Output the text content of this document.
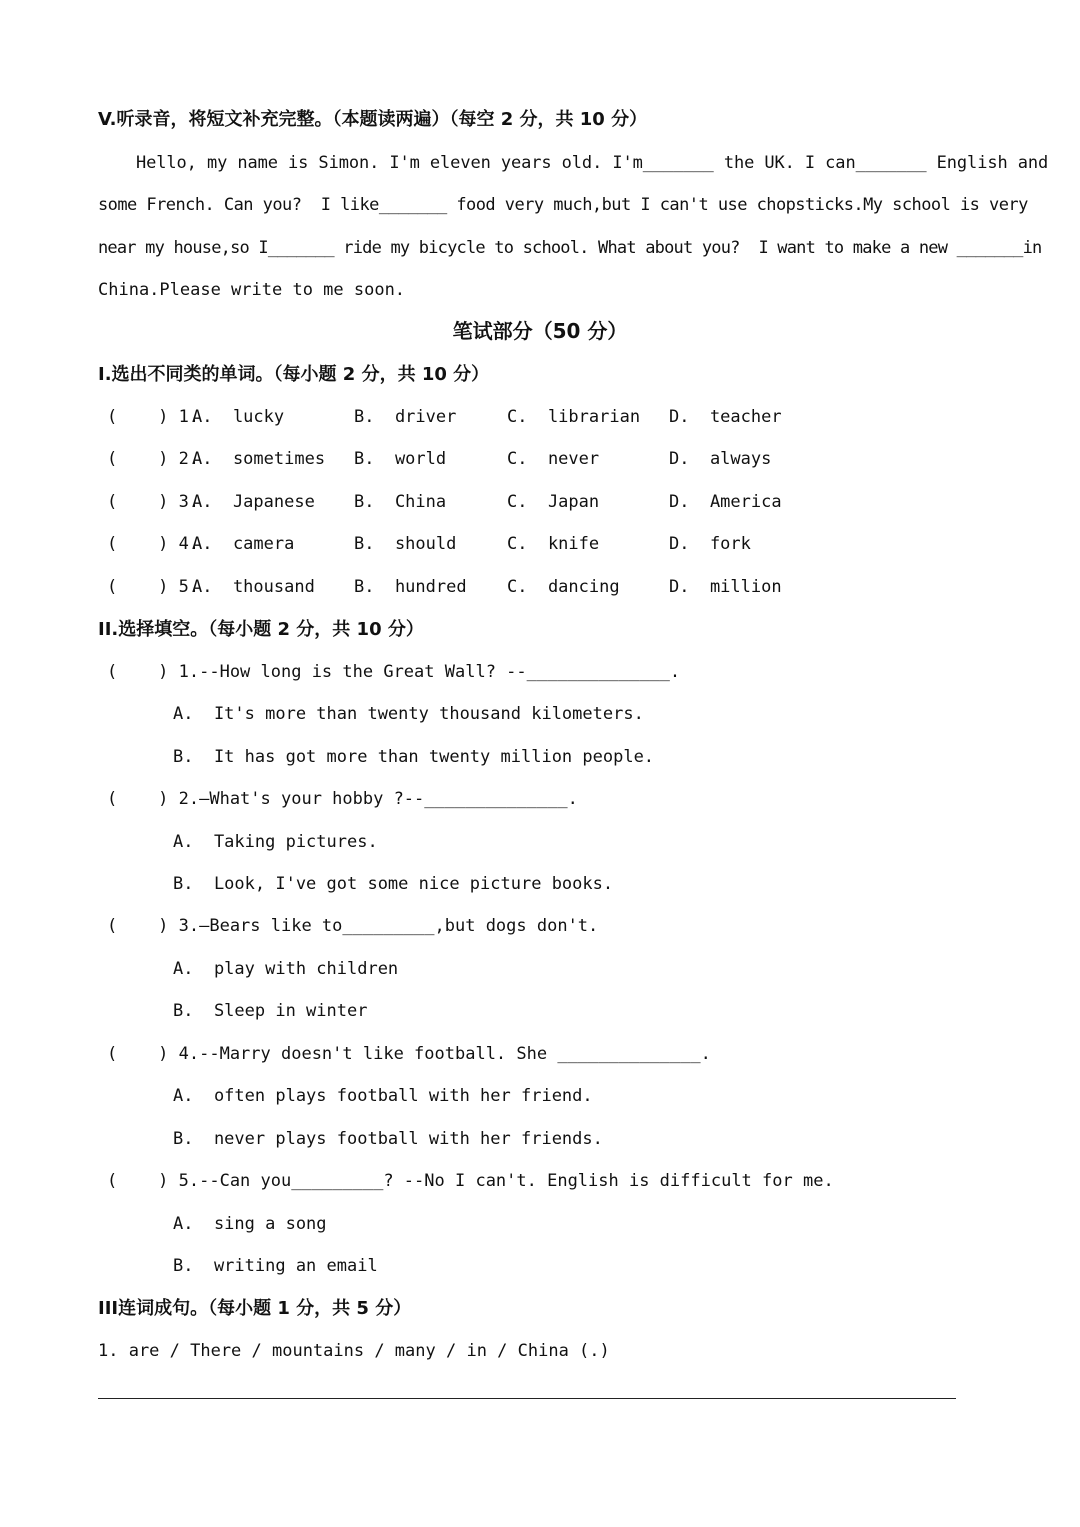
V.听录音，将短文补充完整。（本题读两遍）（每空 2 分，共 10 分）
Hello, my name is Simon. I'm eleven years old. I'm_______ the UK. I can_______ English and
some French. Can you?  I like_______ food very much,but I can't use chopsticks.My school is very
near my house,so I_______ ride my bicycle to school. What about you?  I want to make a new _______in
China.Please write to me soon.
笔试部分（50 分）
I.选出不同类的单词。（每小题 2 分，共 10 分）
(    ) 1.
A.  lucky	B.  driver	C.  librarian D.  teacher
(    ) 2.
A.  sometimes B.  world	C.  never	D.  always
(    ) 3.
A.  Japanese B.  China	C.  Japan	D.  America
(    ) 4.
A.  camera	B.  should	C.  knife	D.  fork
(    ) 5.
A.  thousand B.  hundred C.  dancing	D.  million
II.选择填空。（每小题 2 分，共 10 分）
(    ) 1.--How long is the Great Wall? --______________.
A.  It's more than twenty thousand kilometers.
B.  It has got more than twenty million people.
(    ) 2.—What's your hobby ?--______________.
A.  Taking pictures.
B.  Look, I've got some nice picture books.
(    ) 3.—Bears like to_________,but dogs don't.
A.  play with children
B.  Sleep in winter
(    ) 4.--Marry doesn't like football. She ______________.
A.  often plays football with her friend.
B.  never plays football with her friends.
(    ) 5.--Can you_________? --No I can't. English is difficult for me.
A.  sing a song
B.  writing an email
III连词成句。（每小题 1 分，共 5 分）
1. are / There / mountains / many / in / China (.)
